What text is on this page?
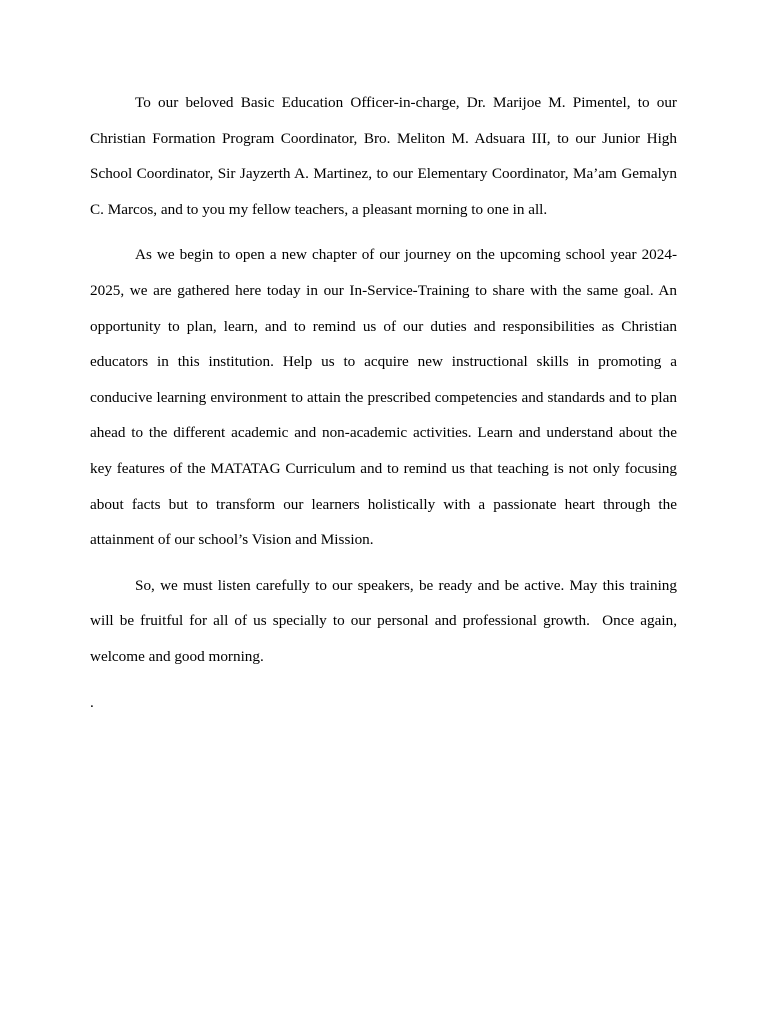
To our beloved Basic Education Officer-in-charge, Dr. Marijoe M. Pimentel, to our Christian Formation Program Coordinator, Bro. Meliton M. Adsuara III, to our Junior High School Coordinator, Sir Jayzerth A. Martinez, to our Elementary Coordinator, Ma’am Gemalyn C. Marcos, and to you my fellow teachers, a pleasant morning to one in all.

As we begin to open a new chapter of our journey on the upcoming school year 2024-2025, we are gathered here today in our In-Service-Training to share with the same goal. An opportunity to plan, learn, and to remind us of our duties and responsibilities as Christian educators in this institution. Help us to acquire new instructional skills in promoting a conducive learning environment to attain the prescribed competencies and standards and to plan ahead to the different academic and non-academic activities. Learn and understand about the key features of the MATATAG Curriculum and to remind us that teaching is not only focusing about facts but to transform our learners holistically with a passionate heart through the attainment of our school’s Vision and Mission.

So, we must listen carefully to our speakers, be ready and be active. May this training will be fruitful for all of us specially to our personal and professional growth.  Once again, welcome and good morning.

.
